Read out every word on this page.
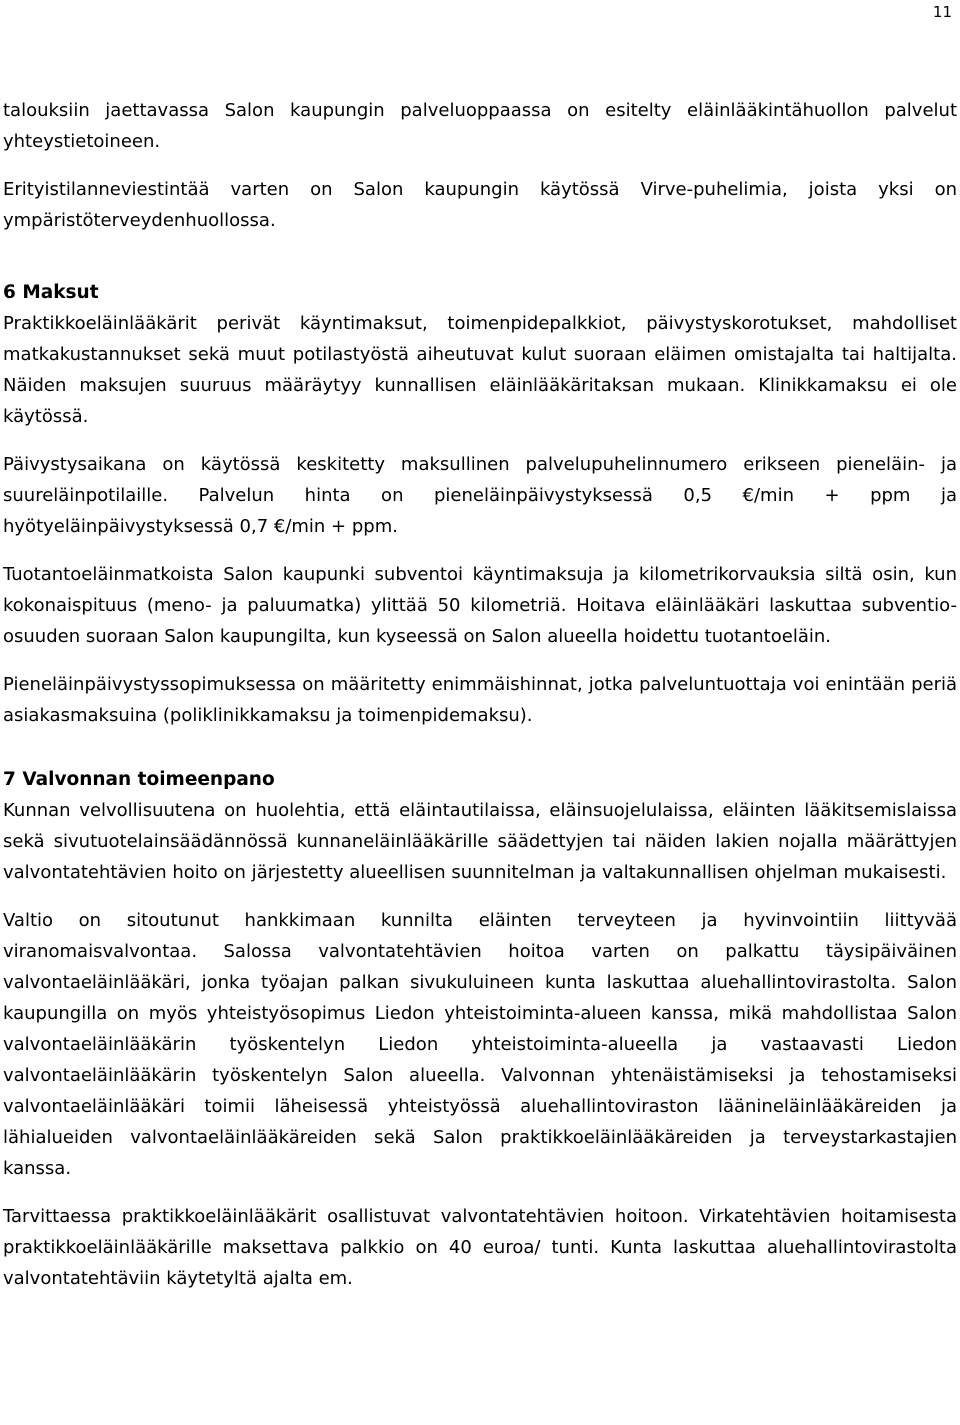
11

talouksiin jaettavassa Salon kaupungin palveluoppaassa on esitelty eläinlääkintähuollon palvelut yhteystietoineen.

Erityistilanneviestintää varten on Salon kaupungin käytössä Virve-puhelimia, joista yksi on ympäristöterveydenhuollossa.

6 Maksut

Praktikkoeläinlääkärit perivät käyntimaksut, toimenpidepalkkiot, päivystyskorotukset, mahdolliset matkakustannukset sekä muut potilastyöstä aiheutuvat kulut suoraan eläimen omistajalta tai haltijalta. Näiden maksujen suuruus määräytyy kunnallisen eläinlääkäritaksan mukaan. Klinikkamaksu ei ole käytössä.

Päivystysaikana on käytössä keskitetty maksullinen palvelupuhelinnumero erikseen pieneläin- ja suureläinpotilaille. Palvelun hinta on pieneläinpäivystyksessä 0,5 €/min + ppm ja hyötyeläinpäivystyksessä 0,7 €/min + ppm.

Tuotantoeläinmatkoista Salon kaupunki subventoi käyntimaksuja ja kilometrikorvauksia siltä osin, kun kokonaispituus (meno- ja paluumatka) ylittää 50 kilometriä. Hoitava eläinlääkäri laskuttaa subventio-osuuden suoraan Salon kaupungilta, kun kyseessä on Salon alueella hoidettu tuotantoeläin.

Pieneläinpäivystyssopimuksessa on määritetty enimmäishinnat, jotka palveluntuottaja voi enintään periä asiakasmaksuina (poliklinikkamaksu ja toimenpidemaksu).

7 Valvonnan toimeenpano

Kunnan velvollisuutena on huolehtia, että eläintautilaissa, eläinsuojelulaissa, eläinten lääkitsemislaissa sekä sivutuotelainsäädännössä kunnaneläinlääkärille säädettyjen tai näiden lakien nojalla määrättyjen valvontatehtävien hoito on järjestetty alueellisen suunnitelman ja valtakunnallisen ohjelman mukaisesti.

Valtio on sitoutunut hankkimaan kunnilta eläinten terveyteen ja hyvinvointiin liittyvää viranomaisvalvontaa. Salossa valvontatehtävien hoitoa varten on palkattu täysipäiväinen valvontaeläinlääkäri, jonka työajan palkan sivukuluineen kunta laskuttaa aluehallintovirastolta. Salon kaupungilla on myös yhteistyösopimus Liedon yhteistoiminta-alueen kanssa, mikä mahdollistaa Salon valvontaeläinlääkärin työskentelyn Liedon yhteistoiminta-alueella ja vastaavasti Liedon valvontaeläinlääkärin työskentelyn Salon alueella. Valvonnan yhtenäistämiseksi ja tehostamiseksi valvontaeläinlääkäri toimii läheisessä yhteistyössä aluehallintoviraston läänineläinlääkäreiden ja lähialueiden valvontaeläinlääkäreiden sekä Salon praktikkoeläinlääkäreiden ja terveystarkastajien kanssa.

Tarvittaessa praktikkoeläinlääkärit osallistuvat valvontatehtävien hoitoon. Virkatehtävien hoitamisesta praktikkoeläinlääkärille maksettava palkkio on 40 euroa/ tunti. Kunta laskuttaa aluehallintovirastolta valvontatehtäviin käytetyltä ajalta em.
